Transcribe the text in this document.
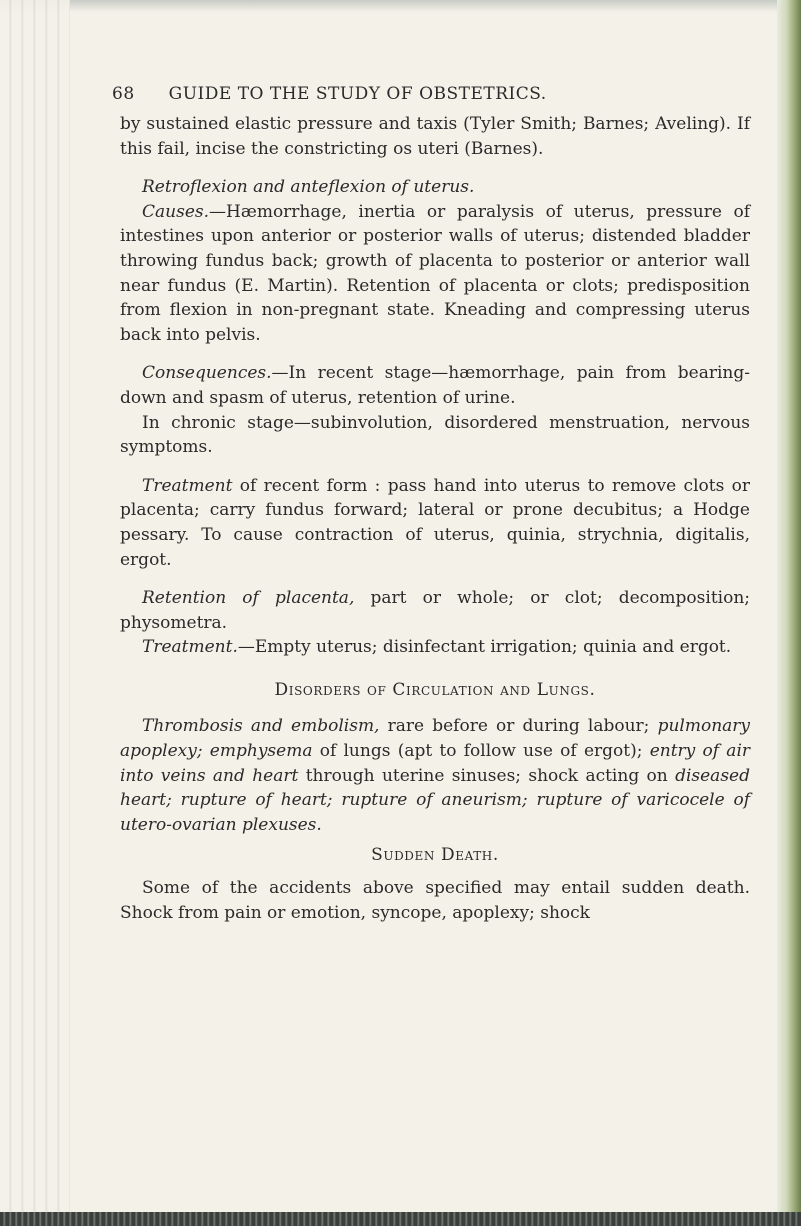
68 GUIDE TO THE STUDY OF OBSTETRICS.

by sustained elastic pressure and taxis (Tyler Smith; Barnes; Aveling). If this fail, incise the constricting os uteri (Barnes).

Retroflexion and anteflexion of uterus.

Causes.—Hæmorrhage, inertia or paralysis of uterus, pressure of intestines upon anterior or posterior walls of uterus; distended bladder throwing fundus back; growth of placenta to posterior or anterior wall near fundus (E. Martin). Retention of placenta or clots; predisposition from flexion in non-pregnant state. Kneading and compressing uterus back into pelvis.

Consequences.—In recent stage—hæmorrhage, pain from bearing-down and spasm of uterus, retention of urine.

In chronic stage—subinvolution, disordered menstruation, nervous symptoms.

Treatment of recent form : pass hand into uterus to remove clots or placenta; carry fundus forward; lateral or prone decubitus; a Hodge pessary. To cause contraction of uterus, quinia, strychnia, digitalis, ergot.

Retention of placenta, part or whole; or clot; decomposition; physometra.

Treatment.—Empty uterus; disinfectant irrigation; quinia and ergot.

Disorders of Circulation and Lungs.

Thrombosis and embolism, rare before or during labour; pulmonary apoplexy; emphysema of lungs (apt to follow use of ergot); entry of air into veins and heart through uterine sinuses; shock acting on diseased heart; rupture of heart; rupture of aneurism; rupture of varicocele of utero-ovarian plexuses.

Sudden Death.

Some of the accidents above specified may entail sudden death. Shock from pain or emotion, syncope, apoplexy; shock
